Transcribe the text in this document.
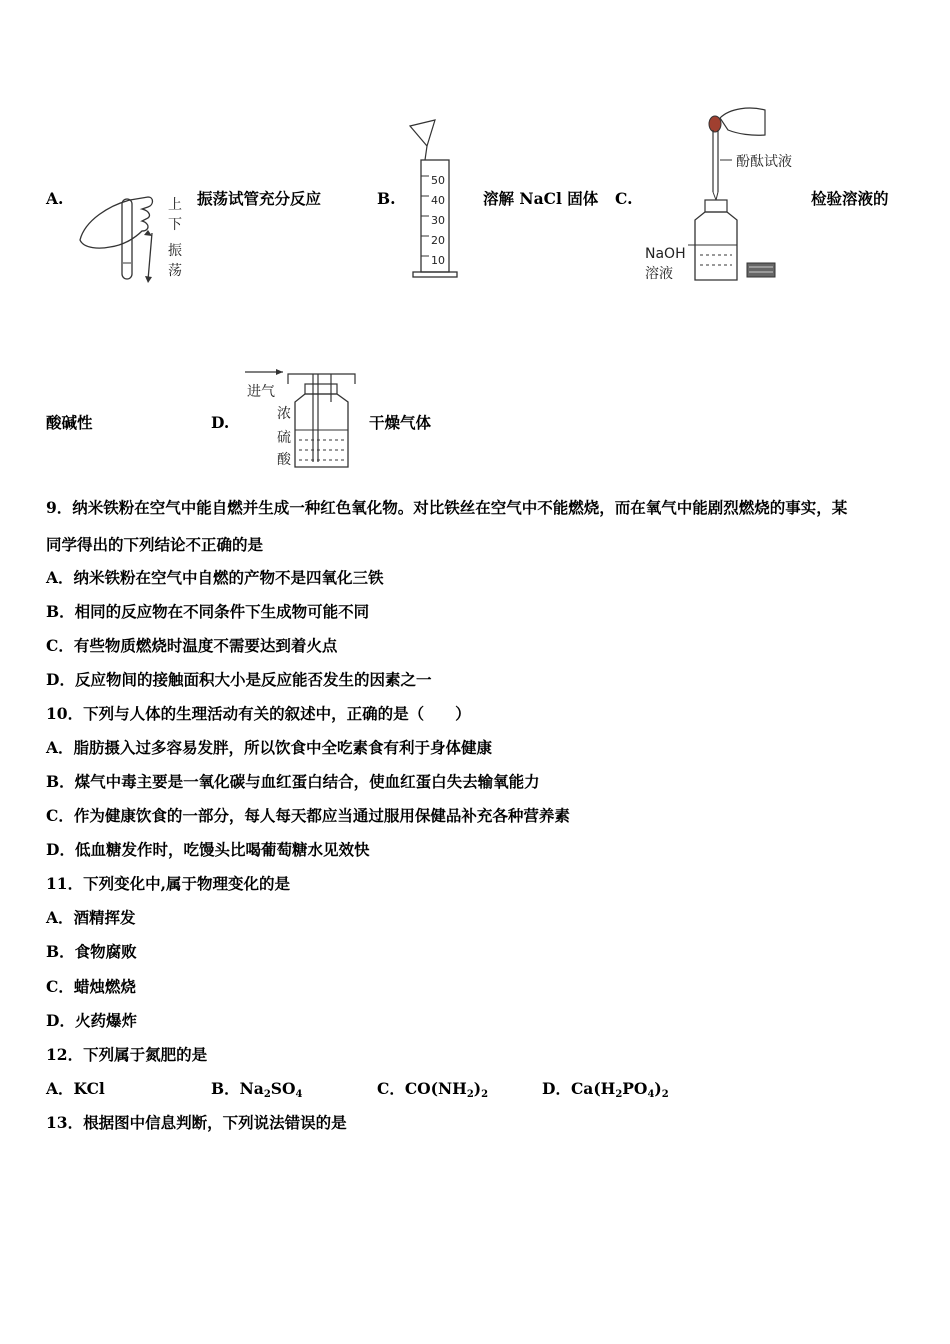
A.	上
下
振
荡
振荡试管充分反应	B.
50
40
30
20
10
溶解 NaCl 固体 C.
酚酞试液
NaOH
溶液
检验溶液的
酸碱性	D.
进气
浓
硫
酸
干燥气体
9．纳米铁粉在空气中能自燃并生成一种红色氧化物。对比铁丝在空气中不能燃烧，而在氧气中能剧烈燃烧的事实，某
同学得出的下列结论不正确的是
A．纳米铁粉在空气中自燃的产物不是四氧化三铁
B．相同的反应物在不同条件下生成物可能不同
C．有些物质燃烧时温度不需要达到着火点
D．反应物间的接触面积大小是反应能否发生的因素之一
10．下列与人体的生理活动有关的叙述中，正确的是（　　）
A．脂肪摄入过多容易发胖，所以饮食中全吃素食有利于身体健康
B．煤气中毒主要是一氧化碳与血红蛋白结合，使血红蛋白失去输氧能力
C．作为健康饮食的一部分，每人每天都应当通过服用保健品补充各种营养素
D．低血糖发作时，吃馒头比喝葡萄糖水见效快
11．下列变化中,属于物理变化的是
A．酒精挥发
B．食物腐败
C．蜡烛燃烧
D．火药爆炸
12．下列属于氮肥的是
A．KCl	B．$Na_2SO_4$	C．$CO(NH_2)_2$	D．$Ca(H_2PO_4)_2$
13．根据图中信息判断，下列说法错误的是
